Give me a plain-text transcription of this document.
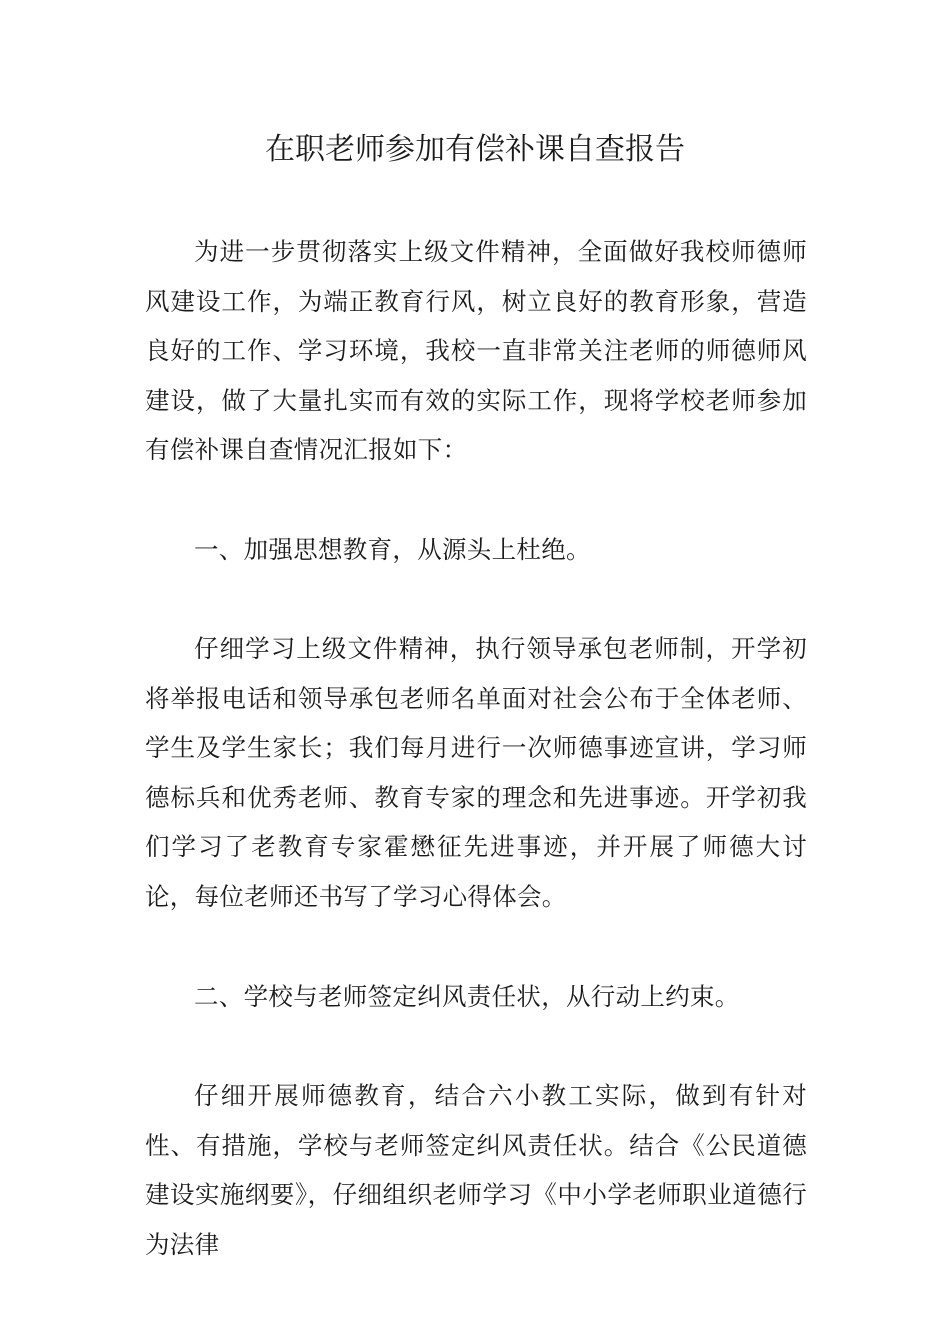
在职老师参加有偿补课自查报告

为进一步贯彻落实上级文件精神，全面做好我校师德师风建设工作，为端正教育行风，树立良好的教育形象，营造良好的工作、学习环境，我校一直非常关注老师的师德师风建设，做了大量扎实而有效的实际工作，现将学校老师参加有偿补课自查情况汇报如下：

一、加强思想教育，从源头上杜绝。

仔细学习上级文件精神，执行领导承包老师制，开学初将举报电话和领导承包老师名单面对社会公布于全体老师、学生及学生家长；我们每月进行一次师德事迹宣讲，学习师德标兵和优秀老师、教育专家的理念和先进事迹。开学初我们学习了老教育专家霍懋征先进事迹，并开展了师德大讨论，每位老师还书写了学习心得体会。

二、学校与老师签定纠风责任状，从行动上约束。

仔细开展师德教育，结合六小教工实际，做到有针对性、有措施，学校与老师签定纠风责任状。结合《公民道德建设实施纲要》，仔细组织老师学习《中小学老师职业道德行为法律
